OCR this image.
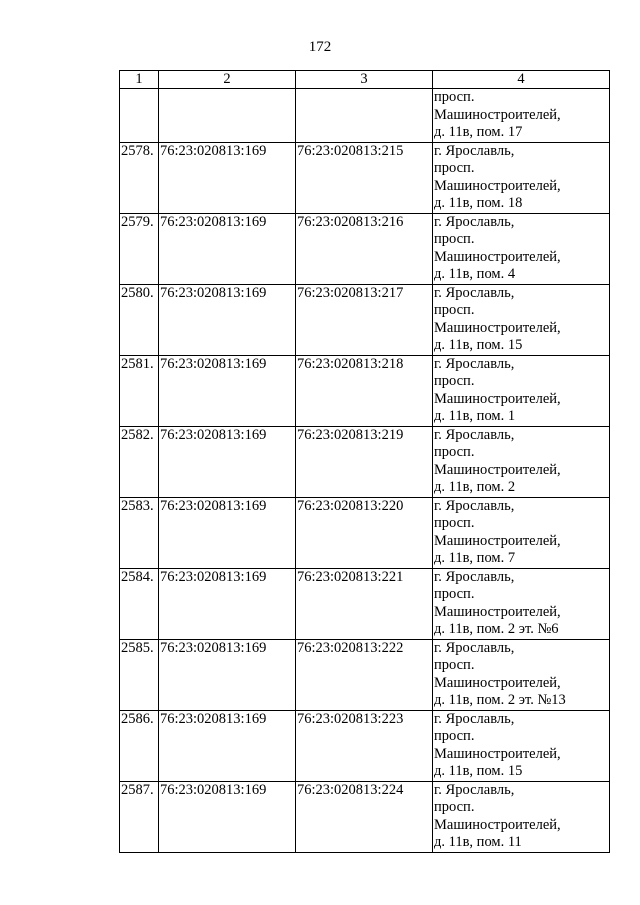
172
1	2	3	4

			просп.
Машиностроителей,
д. 11в, пом. 17

2578.	76:23:020813:169	76:23:020813:215	г. Ярославль,
просп.
Машиностроителей,
д. 11в, пом. 18

2579.	76:23:020813:169	76:23:020813:216	г. Ярославль,
просп.
Машиностроителей,
д. 11в, пом. 4

2580.	76:23:020813:169	76:23:020813:217	г. Ярославль,
просп.
Машиностроителей,
д. 11в, пом. 15

2581.	76:23:020813:169	76:23:020813:218	г. Ярославль,
просп.
Машиностроителей,
д. 11в, пом. 1

2582.	76:23:020813:169	76:23:020813:219	г. Ярославль,
просп.
Машиностроителей,
д. 11в, пом. 2

2583.	76:23:020813:169	76:23:020813:220	г. Ярославль,
просп.
Машиностроителей,
д. 11в, пом. 7

2584.	76:23:020813:169	76:23:020813:221	г. Ярославль,
просп.
Машиностроителей,
д. 11в, пом. 2 эт. №6

2585.	76:23:020813:169	76:23:020813:222	г. Ярославль,
просп.
Машиностроителей,
д. 11в, пом. 2 эт. №13

2586.	76:23:020813:169	76:23:020813:223	г. Ярославль,
просп.
Машиностроителей,
д. 11в, пом. 15

2587.	76:23:020813:169	76:23:020813:224	г. Ярославль,
просп.
Машиностроителей,
д. 11в, пом. 11
